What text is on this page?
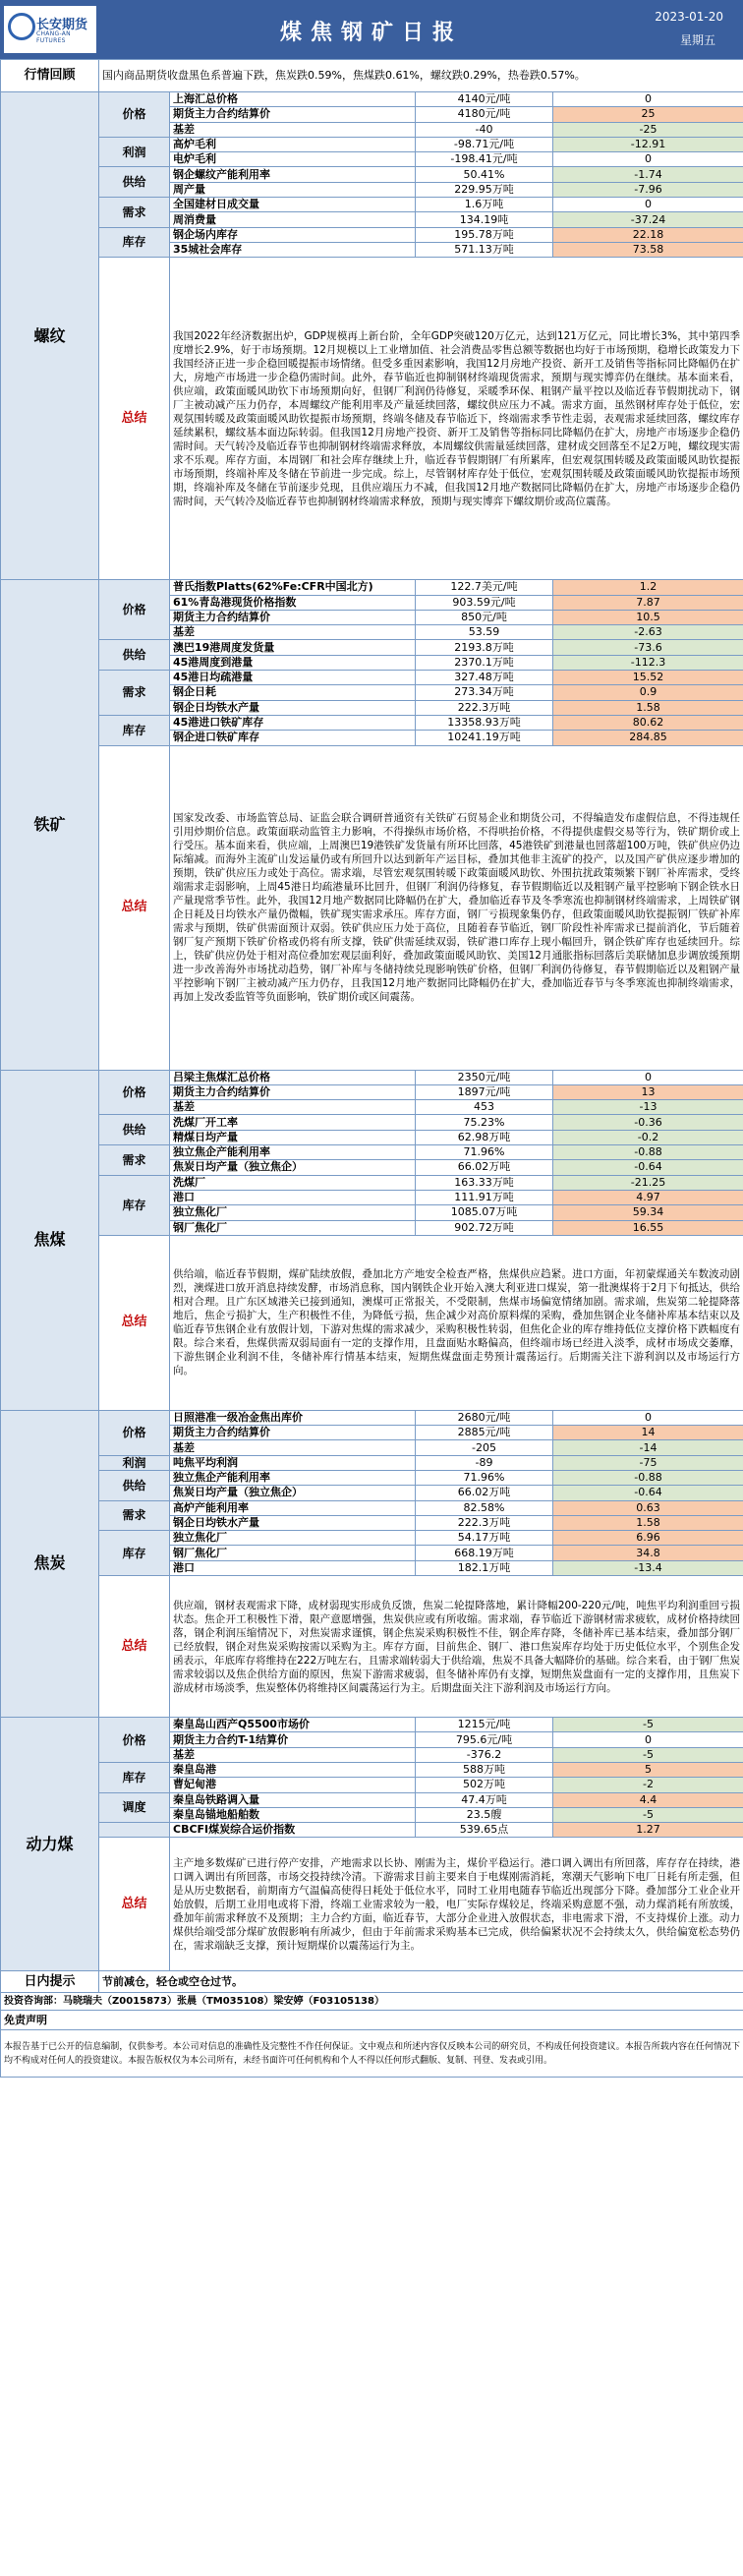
长安期货
CHANG-AN FUTURES	煤焦钢矿日报
2023-01-20
星期五
行情回顾	国内商品期货收盘黑色系普遍下跌，焦炭跌0.59%，焦煤跌0.61%，螺纹跌0.29%，热卷跌0.57%。			
螺纹	价格	上海汇总价格	4140元/吨	0
		期货主力合约结算价	4180元/吨	25
		基差	-40	-25
	利润	高炉毛利	-98.71元/吨	-12.91
		电炉毛利	-198.41元/吨	0
	供给	钢企螺纹产能利用率	50.41%	-1.74
		周产量	229.95万吨	-7.96
	需求	全国建材日成交量	1.6万吨	0
		周消费量	134.19吨	-37.24
	库存	钢企场内库存	195.78万吨	22.18
		35城社会库存	571.13万吨	73.58
	总结	我国2022年经济数据出炉，GDP规模再上新台阶，全年GDP突破120万亿元，达到121万亿元，同比增长3%，其中第四季度增长2.9%，好于市场预期。12月规模以上工业增加值、社会消费品零售总额等数据也均好于市场预期，稳增长政策发力下我国经济正进一步企稳回暖提振市场情绪。但受多重因素影响，我国12月房地产投资、新开工及销售等指标同比降幅仍在扩大，房地产市场进一步企稳仍需时间。此外，春节临近也抑制钢材终端现货需求，预期与现实博弈仍在继续。基本面来看，供应端，政策面暖风助钦下市场预期向好，但钢厂利润仍待修复，采暖季环保、粗钢产量平控以及临近春节假期扰动下，钢厂主被动减产压力仍存，本周螺纹产能利用率及产量延续回落，螺纹供应压力不减。需求方面，虽然钢材库存处于低位，宏观氛围转暖及政策面暖风助钦提振市场预期，终端冬储及春节临近下，终端需求季节性走弱，表观需求延续回落，螺纹库存延续累积，螺纹基本面边际转弱。但我国12月房地产投资、新开工及销售等指标同比降幅仍在扩大，房地产市场逐步企稳仍需时间。天气转冷及临近春节也抑制钢材终端需求释放，本周螺纹供需量延续回落，建材成交回落至不足2万吨，螺纹现实需求不乐观。库存方面，本周钢厂和社会库存继续上升，临近春节假期钢厂有所累库，但宏观氛围转暖及政策面暖风助钦提振市场预期，终端补库及冬储在节前进一步完成。综上，尽管钢材库存处于低位，宏观氛围转暖及政策面暖风助钦提振市场预期，终端补库及冬储在节前逐步兑现，且供应端压力不减，但我国12月地产数据同比降幅仍在扩大，房地产市场逐步企稳仍需时间，天气转冷及临近春节也抑制钢材终端需求释放，预期与现实博弈下螺纹期价或高位震荡。		
铁矿	价格	普氏指数Platts(62%Fe:CFR中国北方)	122.7美元/吨	1.2
		61%青岛港现货价格指数	903.59元/吨	7.87
		期货主力合约结算价	850元/吨	10.5
		基差	53.59	-2.63
	供给	澳巴19港周度发货量	2193.8万吨	-73.6
		45港周度到港量	2370.1万吨	-112.3
	需求	45港日均疏港量	327.48万吨	15.52
		钢企日耗	273.34万吨	0.9
		钢企日均铁水产量	222.3万吨	1.58
	库存	45港进口铁矿库存	13358.93万吨	80.62
		钢企进口铁矿库存	10241.19万吨	284.85
	总结	国家发改委、市场监管总局、证监会联合调研普通资有关铁矿石贸易企业和期货公司，不得编造发布虚假信息，不得违规任引用炒期价信息。政策面联动监管主力影响，不得操纵市场价格，不得哄抬价格，不得提供虚假交易等行为，铁矿期价或上行受压。基本面来看，供应端，上周澳巴19港铁矿发货量有所环比回落，45港铁矿到港量也回落超100万吨，铁矿供应仍边际缩减。而海外主流矿山发运量仍或有所回升以达到新年产运目标，叠加其他非主流矿的投产，以及国产矿供应逐步增加的预期，铁矿供应压力或处于高位。需求端，尽管宏观氛围转暖下政策面暖风助钦、外围抗扰政策频繁下钢厂补库需求，受终端需求走弱影响，上周45港日均疏港量环比回升，但钢厂利润仍待修复，春节假期临近以及粗钢产量平控影响下钢企铁水日产量现常季节性。此外，我国12月地产数据同比降幅仍在扩大，叠加临近春节及冬季寒流也抑制钢材终端需求，上周铁矿钢企日耗及日均铁水产量仍微幅，铁矿现实需求承压。库存方面，钢厂亏损现象集仍存，但政策面暖风助钦提振钢厂铁矿补库需求与预期，铁矿供需面预计双弱。铁矿供应压力处于高位，且随着春节临近，钢厂阶段性补库需求已提前消化，节后随着钢厂复产预期下铁矿价格或仍将有所支撑，铁矿供需延续双弱，铁矿港口库存上现小幅回升，钢企铁矿库存也延续回升。综上，铁矿供应仍处于相对高位叠加宏观层面利好，叠加政策面暖风助钦、美国12月通胀指标回落后美联储加息步调放缓预期进一步改善海外市场扰动趋势，钢厂补库与冬储持续兑现影响铁矿价格，但钢厂利润仍待修复，春节假期临近以及粗钢产量平控影响下钢厂主被动减产压力仍存，且我国12月地产数据同比降幅仍在扩大，叠加临近春节与冬季寒流也抑制终端需求，再加上发改委监管等负面影响，铁矿期价或区间震荡。		
焦煤	价格	吕梁主焦煤汇总价格	2350元/吨	0
		期货主力合约结算价	1897元/吨	13
		基差	453	-13
	供给	洗煤厂开工率	75.23%	-0.36
		精煤日均产量	62.98万吨	-0.2
	需求	独立焦企产能利用率	71.96%	-0.88
		焦炭日均产量（独立焦企）	66.02万吨	-0.64
	库存	洗煤厂	163.33万吨	-21.25
		港口	111.91万吨	4.97
		独立焦化厂	1085.07万吨	59.34
		钢厂焦化厂	902.72万吨	16.55
	总结	供给端，临近春节假期，煤矿陆续放假，叠加北方产地安全检查严格，焦煤供应趋紧。进口方面，年初蒙煤通关车数波动剧烈，澳煤进口放开消息持续发酵，市场消息称，国内钢铁企业开始入澳大利亚进口煤炭，第一批澳煤将于2月下旬抵达，供给相对合理。且广东区域港关已接到通知，澳煤可正常报关，不受限制，焦煤市场偏宽情绪加剧。需求端，焦炭第二轮提降落地后，焦企亏损扩大，生产积极性不佳，为降低亏损，焦企减少对高价原料煤的采购，叠加焦钢企业冬储补库基本结束以及临近春节焦钢企业有放假计划，下游对焦煤的需求减少，采购积极性转弱，但焦化企业的库存维持低位支撑价格下跌幅度有限。综合来看，焦煤供需双弱局面有一定的支撑作用，且盘面贴水略偏高，但终端市场已经进入淡季，成材市场成交萎靡，下游焦钢企业利润不佳，冬储补库行情基本结束，短期焦煤盘面走势预计震荡运行。后期需关注下游利润以及市场运行方向。		
焦炭	价格	日照港准一级冶金焦出库价	2680元/吨	0
		期货主力合约结算价	2885元/吨	14
		基差	-205	-14
	利润	吨焦平均利润	-89	-75
	供给	独立焦企产能利用率	71.96%	-0.88
		焦炭日均产量（独立焦企）	66.02万吨	-0.64
	需求	高炉产能利用率	82.58%	0.63
		钢企日均铁水产量	222.3万吨	1.58
	库存	独立焦化厂	54.17万吨	6.96
		钢厂焦化厂	668.19万吨	34.8
		港口	182.1万吨	-13.4
	总结	供应端，钢材表观需求下降，成材弱现实形成负反馈，焦炭二轮提降落地，累计降幅200-220元/吨，吨焦平均利润重回亏损状态。焦企开工积极性下滑，限产意愿增强，焦炭供应或有所收缩。需求端，春节临近下游钢材需求疲软，成材价格持续回落，钢企利润压缩情况下，对焦炭需求谨慎，钢企焦炭采购积极性不佳，钢企库存降，冬储补库已基本结束，叠加部分钢厂已经放假，钢企对焦炭采购按需以采购为主。库存方面，目前焦企、钢厂、港口焦炭库存均处于历史低位水平，个别焦企发函表示，年底库存将维持在222万吨左右，且需求端转弱大于供给端，焦炭不具备大幅降价的基础。综合来看，由于钢厂焦炭需求较弱以及焦企供给方面的原因，焦炭下游需求疲弱，但冬储补库仍有支撑，短期焦炭盘面有一定的支撑作用，且焦炭下游成材市场淡季，焦炭整体仍将维持区间震荡运行为主。后期盘面关注下游利润及市场运行方向。		
动力煤	价格	秦皇岛山西产Q5500市场价	1215元/吨	-5
		期货主力合约T-1结算价	795.6元/吨	0
		基差	-376.2	-5
	库存	秦皇岛港	588万吨	5
		曹妃甸港	502万吨	-2
	调度	秦皇岛铁路调入量	47.4万吨	4.4
		秦皇岛锚地船舶数	23.5艘	-5
		CBCFI煤炭综合运价指数	539.65点	1.27
	总结	主产地多数煤矿已进行停产安排，产地需求以长协、刚需为主，煤价平稳运行。港口调入调出有所回落，库存存在持续，港口调入调出有所回落，市场交投持续冷清。下游需求目前主要来自于电煤刚需消耗，寒潮天气影响下电厂日耗有所走强，但是从历史数据看，前期南方气温偏高使得日耗处于低位水平，同时工业用电随春节临近出现部分下降。叠加部分工业企业开始放假，后期工业用电或将下滑，终端工业需求较为一般，电厂实际存煤较足，终端采购意愿不强，动力煤消耗有所放缓，叠加年前需求释放不及预期；主力合约方面，临近春节，大部分企业进入放假状态，非电需求下滑，不支持煤价上涨。动力煤供给端受部分煤矿放假影响有所减少，但由于年前需求采购基本已完成，供给偏紧状况不会持续太久，供给偏宽松态势仍在，需求端缺乏支撑，预计短期煤价以震荡运行为主。		
日内提示	节前减仓，轻仓或空仓过节。			
投资咨询部：马晓瑞夫（Z0015873）张晨（TM035108）梁安婷（F03105138）				
免责声明				
本报告基于已公开的信息编制，仅供参考。本公司对信息的准确性及完整性不作任何保证。文中观点和所述内容仅反映本公司的研究员，不构成任何投资建议。本报告所载内容在任何情况下均不构成对任何人的投资建议。本报告版权仅为本公司所有，未经书面许可任何机构和个人不得以任何形式翻版、复制、刊登、发表或引用。				
